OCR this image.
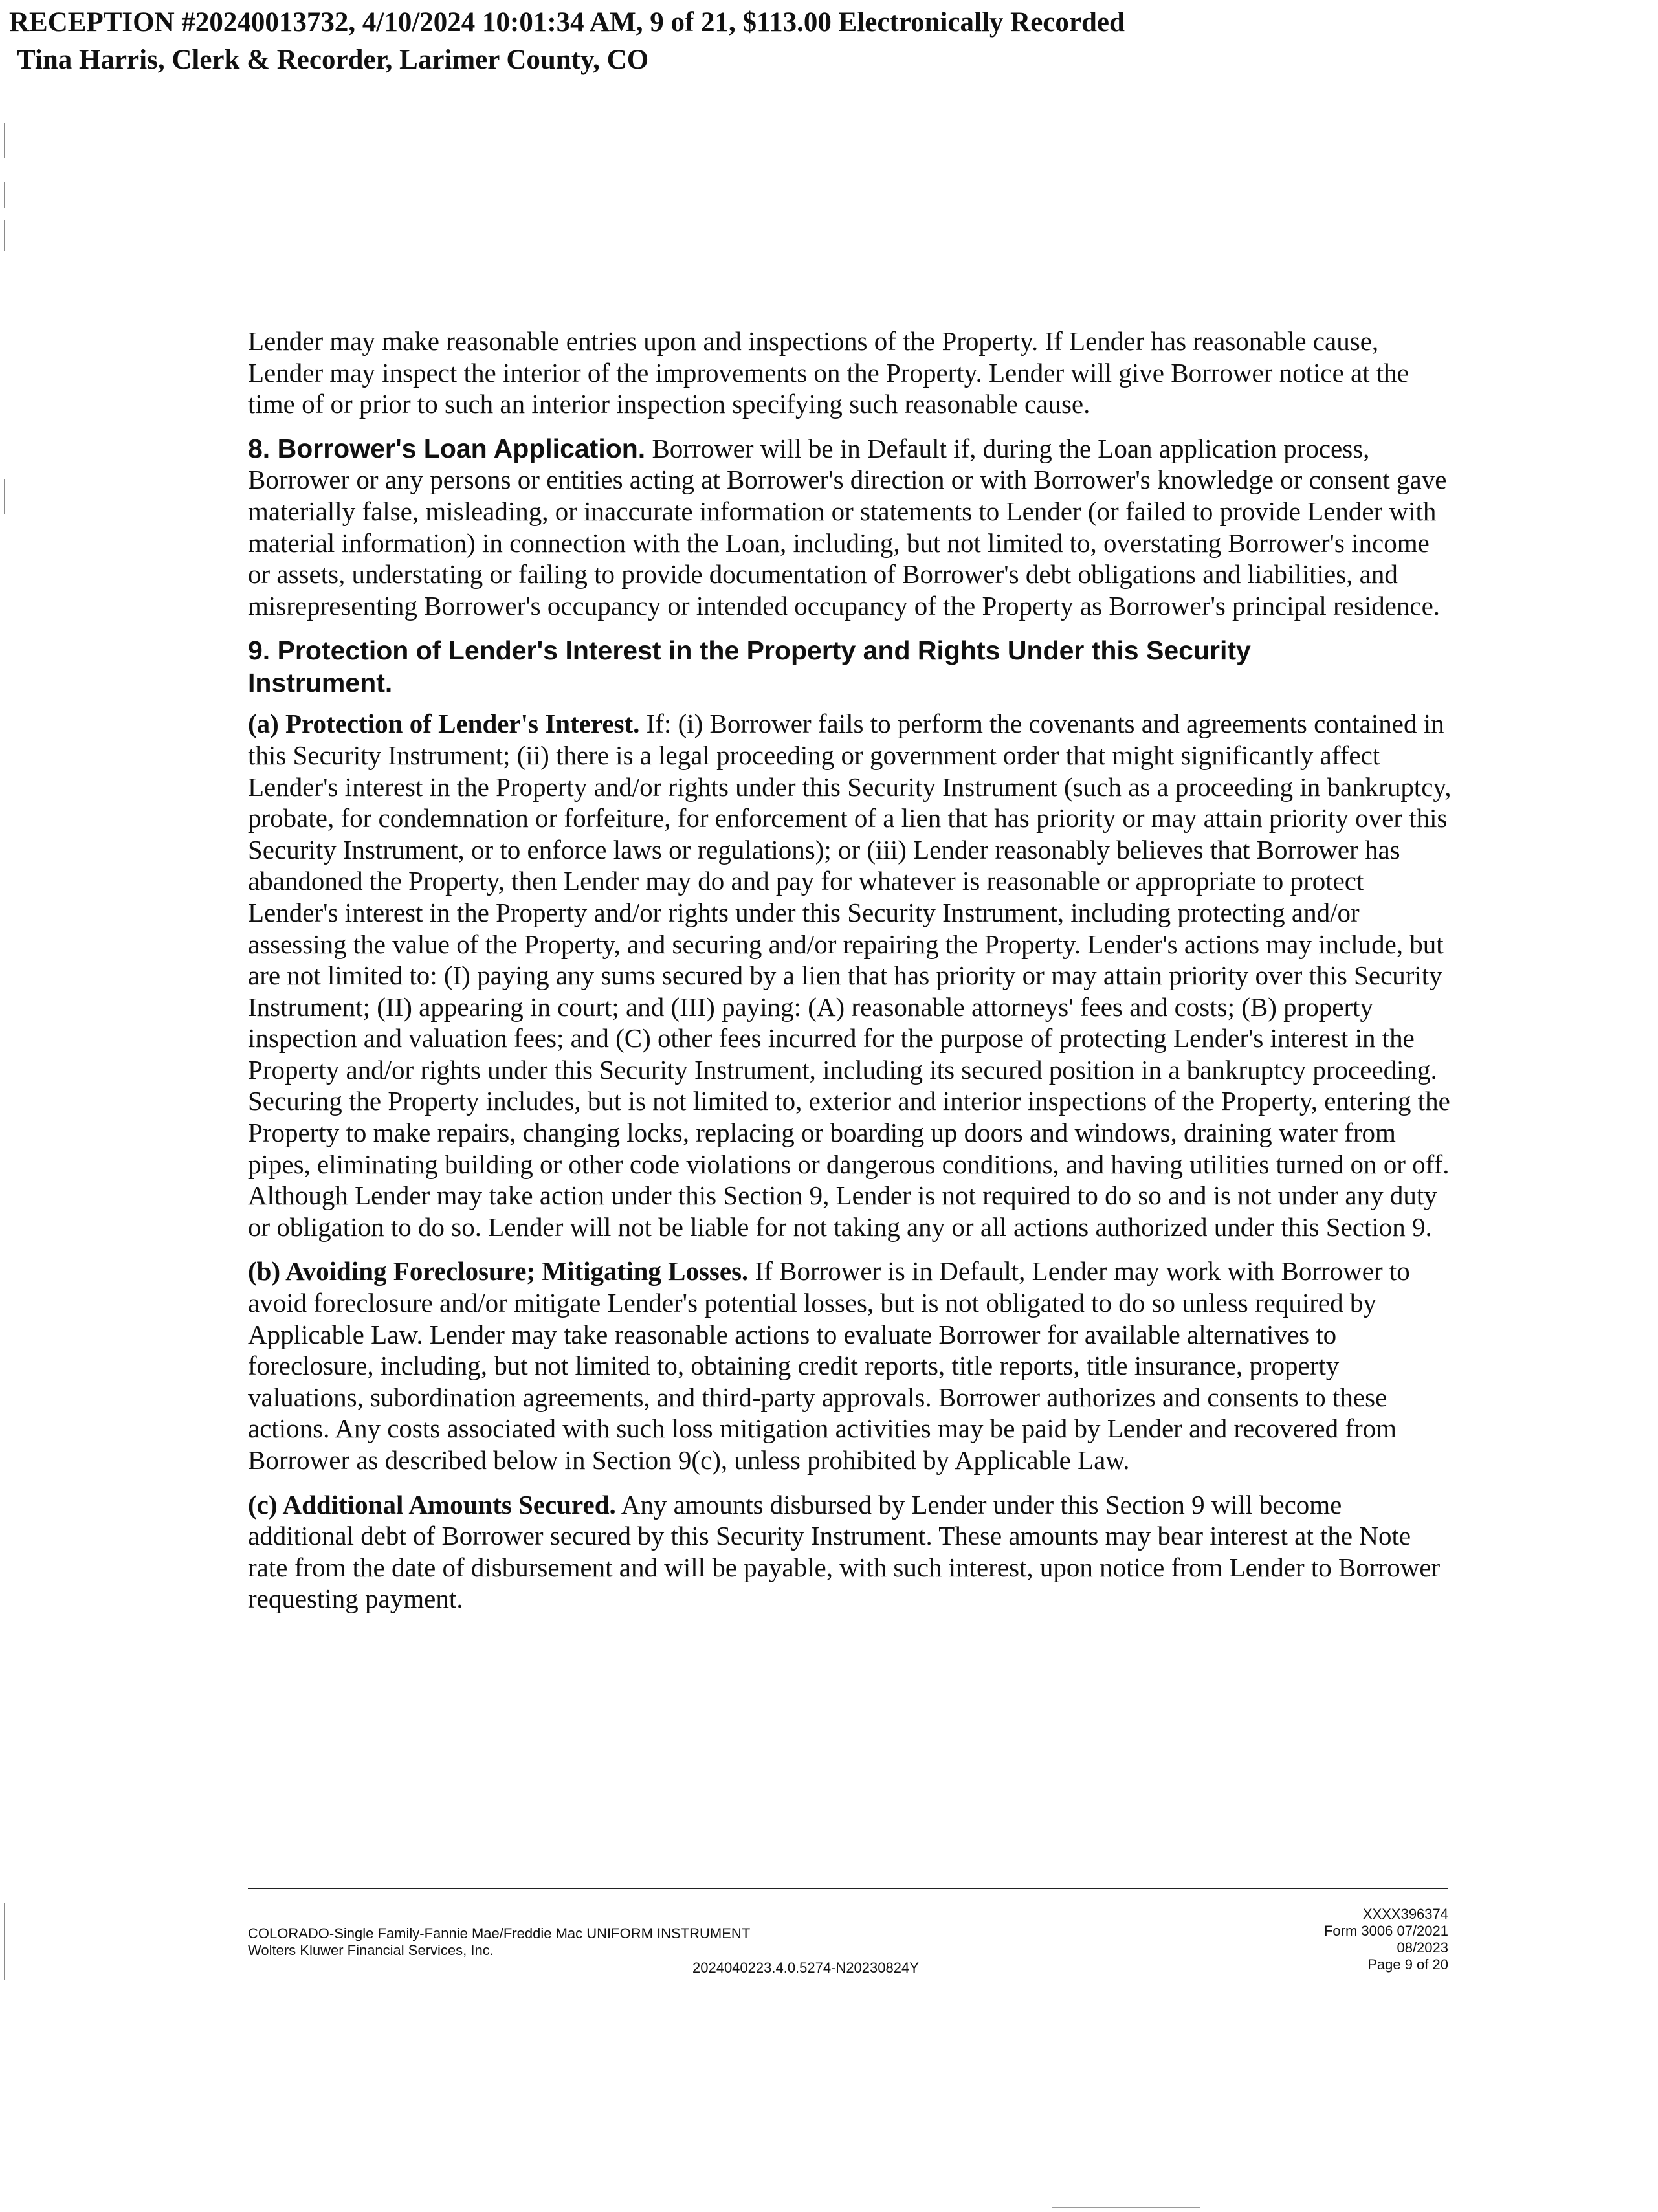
RECEPTION #20240013732, 4/10/2024 10:01:34 AM, 9 of 21, $113.00 Electronically Recorded
Tina Harris, Clerk & Recorder, Larimer County, CO

Lender may make reasonable entries upon and inspections of the Property. If Lender has reasonable cause, Lender may inspect the interior of the improvements on the Property. Lender will give Borrower notice at the time of or prior to such an interior inspection specifying such reasonable cause.

8. Borrower's Loan Application. Borrower will be in Default if, during the Loan application process, Borrower or any persons or entities acting at Borrower's direction or with Borrower's knowledge or consent gave materially false, misleading, or inaccurate information or statements to Lender (or failed to provide Lender with material information) in connection with the Loan, including, but not limited to, overstating Borrower's income or assets, understating or failing to provide documentation of Borrower's debt obligations and liabilities, and misrepresenting Borrower's occupancy or intended occupancy of the Property as Borrower's principal residence.

9. Protection of Lender's Interest in the Property and Rights Under this Security Instrument.

(a) Protection of Lender's Interest. If: (i) Borrower fails to perform the covenants and agreements contained in this Security Instrument; (ii) there is a legal proceeding or government order that might significantly affect Lender's interest in the Property and/or rights under this Security Instrument (such as a proceeding in bankruptcy, probate, for condemnation or forfeiture, for enforcement of a lien that has priority or may attain priority over this Security Instrument, or to enforce laws or regulations); or (iii) Lender reasonably believes that Borrower has abandoned the Property, then Lender may do and pay for whatever is reasonable or appropriate to protect Lender's interest in the Property and/or rights under this Security Instrument, including protecting and/or assessing the value of the Property, and securing and/or repairing the Property. Lender's actions may include, but are not limited to: (I) paying any sums secured by a lien that has priority or may attain priority over this Security Instrument; (II) appearing in court; and (III) paying: (A) reasonable attorneys' fees and costs; (B) property inspection and valuation fees; and (C) other fees incurred for the purpose of protecting Lender's interest in the Property and/or rights under this Security Instrument, including its secured position in a bankruptcy proceeding. Securing the Property includes, but is not limited to, exterior and interior inspections of the Property, entering the Property to make repairs, changing locks, replacing or boarding up doors and windows, draining water from pipes, eliminating building or other code violations or dangerous conditions, and having utilities turned on or off. Although Lender may take action under this Section 9, Lender is not required to do so and is not under any duty or obligation to do so. Lender will not be liable for not taking any or all actions authorized under this Section 9.

(b) Avoiding Foreclosure; Mitigating Losses. If Borrower is in Default, Lender may work with Borrower to avoid foreclosure and/or mitigate Lender's potential losses, but is not obligated to do so unless required by Applicable Law. Lender may take reasonable actions to evaluate Borrower for available alternatives to foreclosure, including, but not limited to, obtaining credit reports, title reports, title insurance, property valuations, subordination agreements, and third-party approvals. Borrower authorizes and consents to these actions. Any costs associated with such loss mitigation activities may be paid by Lender and recovered from Borrower as described below in Section 9(c), unless prohibited by Applicable Law.

(c) Additional Amounts Secured. Any amounts disbursed by Lender under this Section 9 will become additional debt of Borrower secured by this Security Instrument. These amounts may bear interest at the Note rate from the date of disbursement and will be payable, with such interest, upon notice from Lender to Borrower requesting payment.

COLORADO-Single Family-Fannie Mae/Freddie Mac UNIFORM INSTRUMENT
Wolters Kluwer Financial Services, Inc.
2024040223.4.0.5274-N20230824Y
XXXX396374
Form 3006 07/2021
08/2023
Page 9 of 20
